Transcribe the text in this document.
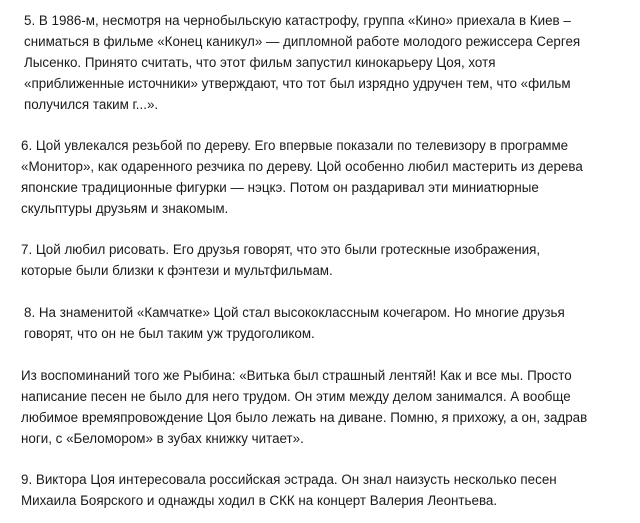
5. В 1986-м, несмотря на чернобыльскую катастрофу, группа «Кино» приехала в Киев –
сниматься в фильме «Конец каникул» — дипломной работе молодого режиссера Сергея
Лысенко. Принято считать, что этот фильм запустил кинокарьеру Цоя, хотя
«приближенные источники» утверждают, что тот был изрядно удручен тем, что «фильм
получился таким г...».

6. Цой увлекался резьбой по дереву. Его впервые показали по телевизору в программе
«Монитор», как одаренного резчика по дереву. Цой особенно любил мастерить из дерева
японские традиционные фигурки — нэцкэ. Потом он раздаривал эти миниатюрные
скульптуры друзьям и знакомым.

7. Цой любил рисовать. Его друзья говорят, что это были гротескные изображения,
которые были близки к фэнтези и мультфильмам.

8. На знаменитой «Камчатке» Цой стал высококлассным кочегаром. Но многие друзья
говорят, что он не был таким уж трудоголиком.

Из воспоминаний того же Рыбина: «Витька был страшный лентяй! Как и все мы. Просто
написание песен не было для него трудом. Он этим между делом занимался. А вообще
любимое времяпровождение Цоя было лежать на диване. Помню, я прихожу, а он, задрав
ноги, с «Беломором» в зубах книжку читает».

9. Виктора Цоя интересовала российская эстрада. Он знал наизусть несколько песен
Михаила Боярского и однажды ходил в СКК на концерт Валерия Леонтьева.
